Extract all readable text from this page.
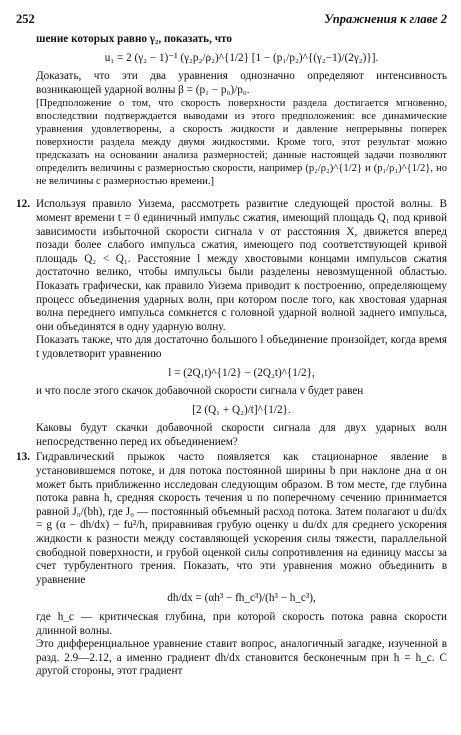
252	Упражнения к главе 2

шение которых равно γ₂, показать, что

u₁ = 2 (γ₂ − 1)⁻¹ (γ₂p₂/ρ₂)^{1/2} [1 − (p₁/p₂)^{(γ₂−1)/(2γ₂)}].

Доказать, что эти два уравнения однозначно определяют интенсивность возникающей ударной волны β = (p₁ − p₀)/p₀.

[Предположение о том, что скорость поверхности раздела достигается мгновенно, впоследствии подтверждается выводами из этого предположения: все динамические уравнения удовлетворены, а скорость жидкости и давление непрерывны поперек поверхности раздела между двумя жидкостями. Кроме того, этот результат можно предсказать на основании анализа размерностей; данные настоящей задачи позволяют определить величины с размерностью скорости, например (p₂/ρ₂)^{1/2} и (p₁/ρ₁)^{1/2}, но не величины с размерностью времени.]

12. Используя правило Уизема, рассмотреть развитие следующей простой волны. В момент времени t = 0 единичный импульс сжатия, имеющий площадь Q₁ под кривой зависимости избыточной скорости сигнала v от расстояния X, движется вперед позади более слабого импульса сжатия, имеющего под соответствующей кривой площадь Q₂ < Q₁. Расстояние l между хвостовыми концами импульсов сжатия достаточно велико, чтобы импульсы были разделены невозмущенной областью. Показать графически, как правило Уизема приводит к построению, определяющему процесс объединения ударных волн, при котором после того, как хвостовая ударная волна переднего импульса сомкнется с головной ударной волной заднего импульса, они объединятся в одну ударную волну.

Показать также, что для достаточно большого l объединение произойдет, когда время t удовлетворит уравнению

l = (2Q₁t)^{1/2} − (2Q₂t)^{1/2},

и что после этого скачок добавочной скорости сигнала v будет равен

[2 (Q₁ + Q₂)/t]^{1/2}.

Каковы будут скачки добавочной скорости сигнала для двух ударных волн непосредственно перед их объединением?

13. Гидравлический прыжок часто появляется как стационарное явление в установившемся потоке, и для потока постоянной ширины b при наклоне дна α он может быть приближенно исследован следующим образом. В том месте, где глубина потока равна h, средняя скорость течения u по поперечному сечению принимается равной J₀/(bh), где J₀ — постоянный объемный расход потока. Затем полагают u du/dx = g (α − dh/dx) − fu²/h, приравнивая грубую оценку u du/dx для среднего ускорения жидкости к разности между составляющей ускорения силы тяжести, параллельной свободной поверхности, и грубой оценкой силы сопротивления на единицу массы за счет турбулентного трения. Показать, что эти уравнения можно объединить в уравнение

dh/dx = (αh³ − fh_c³)/(h³ − h_c³),

где h_c — критическая глубина, при которой скорость потока равна скорости длинной волны.

Это дифференциальное уравнение ставит вопрос, аналогичный загадке, изученной в разд. 2.9—2.12, а именно градиент dh/dx становится бесконечным при h = h_c. С другой стороны, этот градиент
